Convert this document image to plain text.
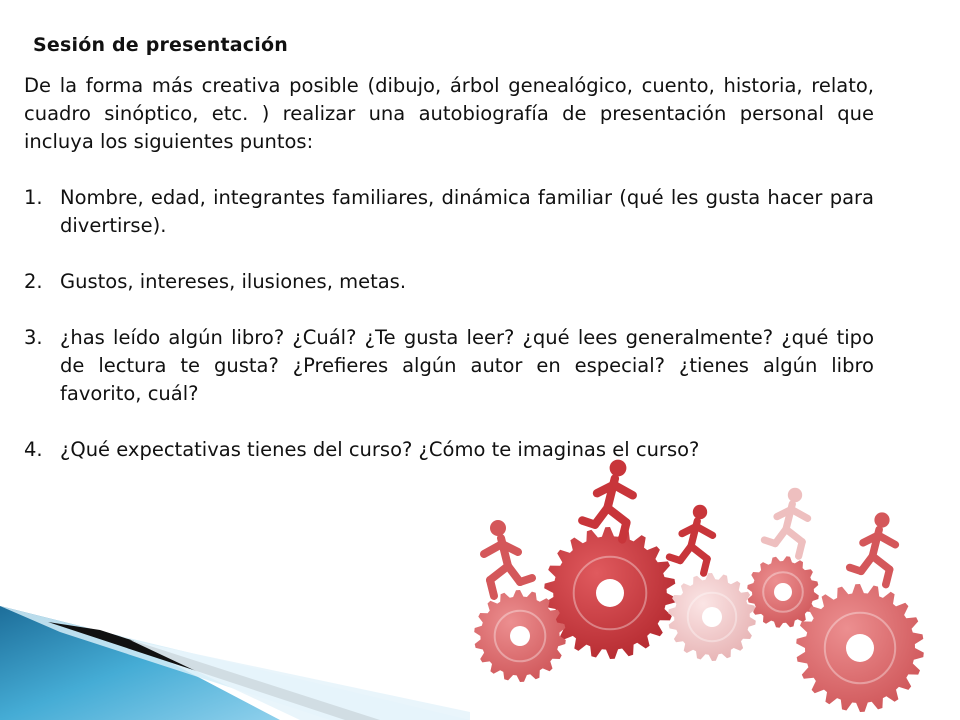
Sesión de presentación

De la forma más creativa posible (dibujo, árbol genealógico, cuento, historia, relato, cuadro sinóptico, etc. ) realizar una autobiografía de presentación personal que incluya los siguientes puntos:

1. Nombre, edad, integrantes familiares, dinámica familiar (qué les gusta hacer para divertirse).
2. Gustos, intereses, ilusiones, metas.
3. ¿has leído algún libro? ¿Cuál? ¿Te gusta leer? ¿qué lees generalmente? ¿qué tipo de lectura te gusta? ¿Prefieres algún autor en especial? ¿tienes algún libro favorito, cuál?
4. ¿Qué expectativas tienes del curso? ¿Cómo te imaginas el curso?
